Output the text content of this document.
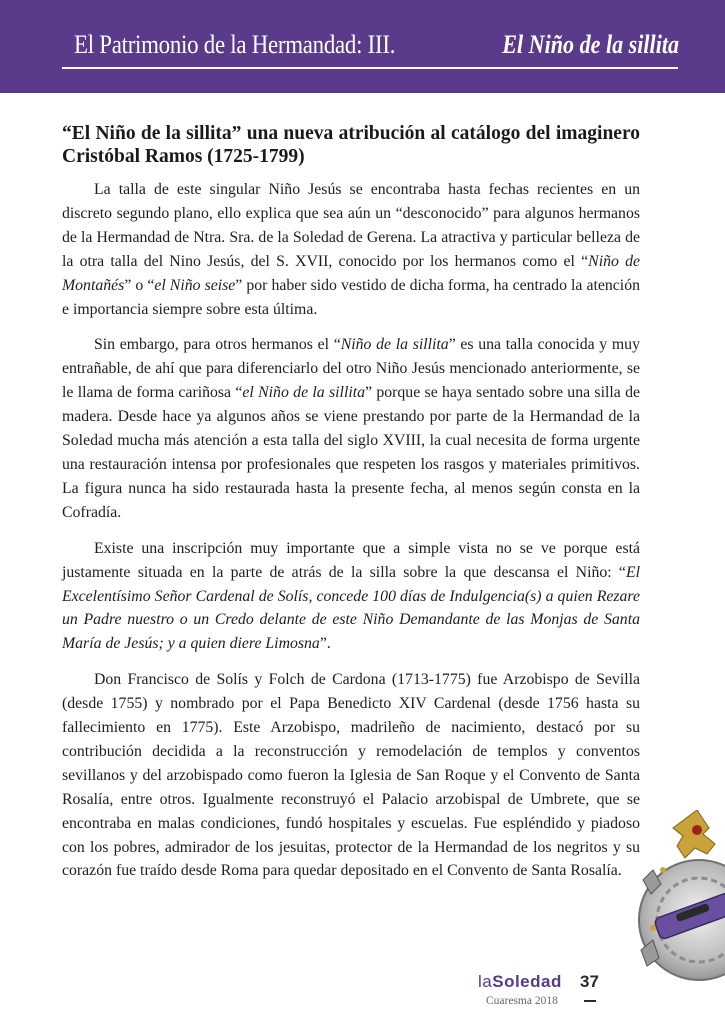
El Patrimonio de la Hermandad: III.	El Niño de la sillita
“El Niño de la sillita” una nueva atribución al catálogo del imaginero Cristóbal Ramos (1725-1799)

La talla de este singular Niño Jesús se encontraba hasta fechas recientes en un discreto segundo plano, ello explica que sea aún un “desconocido” para algunos hermanos de la Hermandad de Ntra. Sra. de la Soledad de Gerena. La atractiva y particular belleza de la otra talla del Nino Jesús, del S. XVII, conocido por los hermanos como el “Niño de Montañés” o “el Niño seise” por haber sido vestido de dicha forma, ha centrado la atención e importancia siempre sobre esta última.

Sin embargo, para otros hermanos el “Niño de la sillita” es una talla conocida y muy entrañable, de ahí que para diferenciarlo del otro Niño Jesús mencionado anteriormente, se le llama de forma cariñosa “el Niño de la sillita” porque se haya sentado sobre una silla de madera. Desde hace ya algunos años se viene prestando por parte de la Hermandad de la Soledad mucha más atención a esta talla del siglo XVIII, la cual necesita de forma urgente una restauración intensa por profesionales que respeten los rasgos y materiales primitivos. La figura nunca ha sido restaurada hasta la presente fecha, al menos según consta en la Cofradía.

Existe una inscripción muy importante que a simple vista no se ve porque está justamente situada en la parte de atrás de la silla sobre la que descansa el Niño: “El Excelentísimo Señor Cardenal de Solís, concede 100 días de Indulgencia(s) a quien Rezare un Padre nuestro o un Credo delante de este Niño Demandante de las Monjas de Santa María de Jesús; y a quien diere Limosna”.

Don Francisco de Solís y Folch de Cardona (1713-1775) fue Arzobispo de Sevilla (desde 1755) y nombrado por el Papa Benedicto XIV Cardenal (desde 1756 hasta su fallecimiento en 1775). Este Arzobispo, madrileño de nacimiento, destacó por su contribución decidida a la reconstrucción y remodelación de templos y conventos sevillanos y del arzobispado como fueron la Iglesia de San Roque y el Convento de Santa Rosalía, entre otros. Igualmente reconstruyó el Palacio arzobispal de Umbrete, que se encontraba en malas condiciones, fundó hospitales y escuelas. Fue espléndido y piadoso con los pobres, admirador de los jesuitas, protector de la Hermandad de los negritos y su corazón fue traído desde Roma para quedar depositado en el Convento de Santa Rosalía.

laSoledad
Cuaresma 2018
37
